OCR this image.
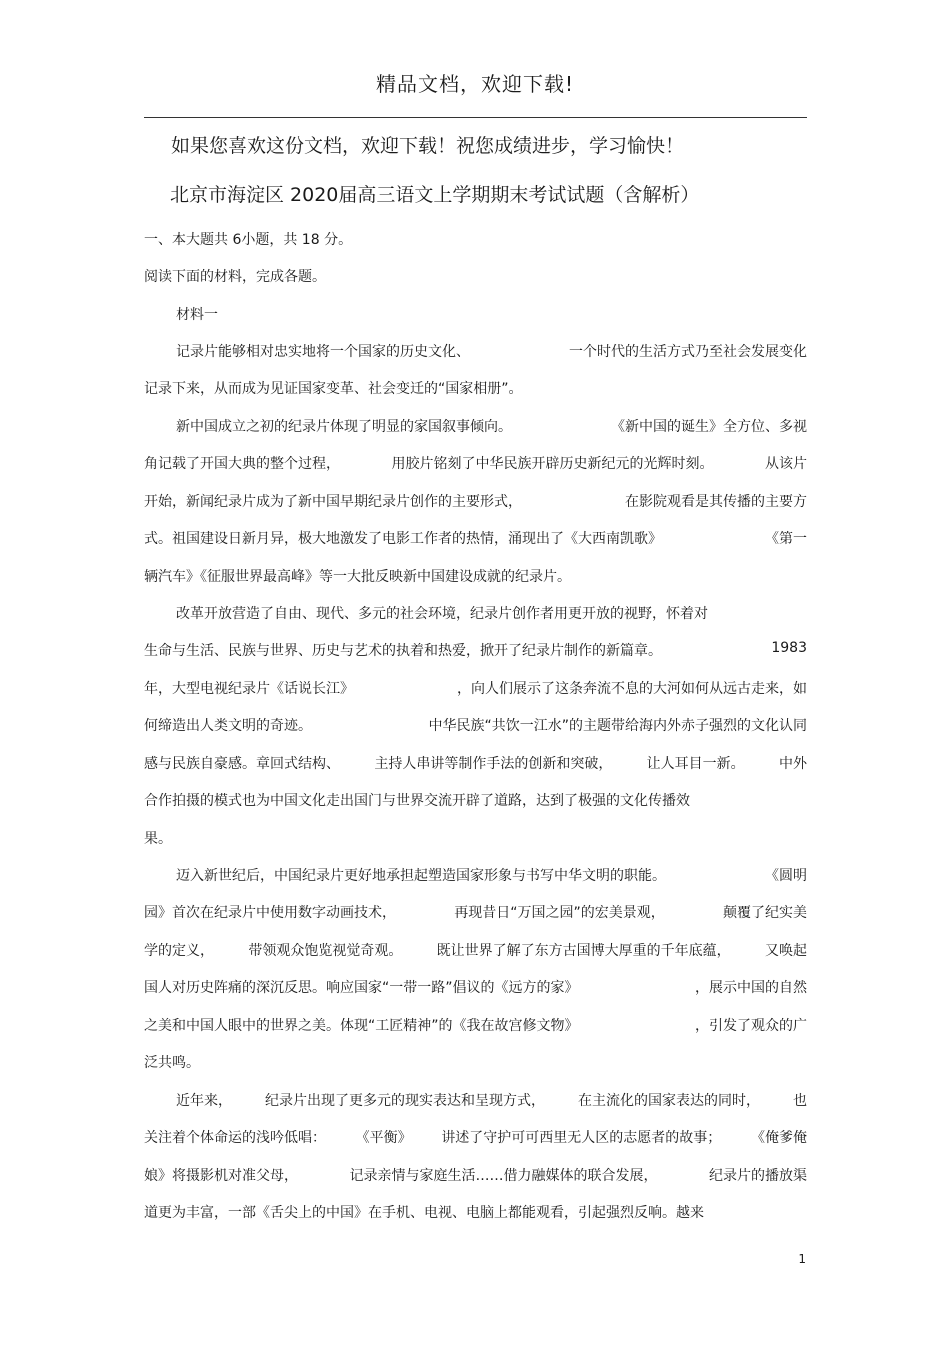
精品文档，欢迎下载!
如果您喜欢这份文档，欢迎下载！祝您成绩进步，学习愉快！
北京市海淀区 2020届高三语文上学期期末考试试题（含解析）
一、本大题共 6小题，共 18 分。
阅读下面的材料，完成各题。
材料一
记录片能够相对忠实地将一个国家的历史文化、	一个时代的生活方式乃至社会发展变化
记录下来，从而成为见证国家变革、社会变迁的“国家相册”。
新中国成立之初的纪录片体现了明显的家国叙事倾向。	《新中国的诞生》全方位、多视
角记载了开国大典的整个过程，	用胶片铭刻了中华民族开辟历史新纪元的光辉时刻。	从该片
开始，新闻纪录片成为了新中国早期纪录片创作的主要形式，	在影院观看是其传播的主要方
式。祖国建设日新月异，极大地激发了电影工作者的热情，涌现出了《大西南凯歌》	《第一
辆汽车》《征服世界最高峰》等一大批反映新中国建设成就的纪录片。
改革开放营造了自由、现代、多元的社会环境，纪录片创作者用更开放的视野，怀着对
生命与生活、民族与世界、历史与艺术的执着和热爱，掀开了纪录片制作的新篇章。	1983
年，大型电视纪录片《话说长江》	，向人们展示了这条奔流不息的大河如何从远古走来，如
何缔造出人类文明的奇迹。	中华民族“共饮一江水”的主题带给海内外赤子强烈的文化认同
感与民族自豪感。章回式结构、 主持人串讲等制作手法的创新和突破， 让人耳目一新。 中外
合作拍摄的模式也为中国文化走出国门与世界交流开辟了道路，达到了极强的文化传播效
果。
迈入新世纪后，中国纪录片更好地承担起塑造国家形象与书写中华文明的职能。	《圆明
园》首次在纪录片中使用数字动画技术，	再现昔日“万国之园”的宏美景观，	颠覆了纪实美
学的定义， 带领观众饱览视觉奇观。 既让世界了解了东方古国博大厚重的千年底蕴， 又唤起
国人对历史阵痛的深沉反思。响应国家“一带一路”倡议的《远方的家》	，展示中国的自然
之美和中国人眼中的世界之美。体现“工匠精神”的《我在故宫修文物》	，引发了观众的广
泛共鸣。
近年来， 纪录片出现了更多元的现实表达和呈现方式， 在主流化的国家表达的同时， 也
关注着个体命运的浅吟低唱： 《平衡》 讲述了守护可可西里无人区的志愿者的故事； 《俺爹俺
娘》将摄影机对准父母，	记录亲情与家庭生活……借力融媒体的联合发展，	纪录片的播放渠
道更为丰富，一部《舌尖上的中国》在手机、电视、电脑上都能观看，引起强烈反响。越来
1
